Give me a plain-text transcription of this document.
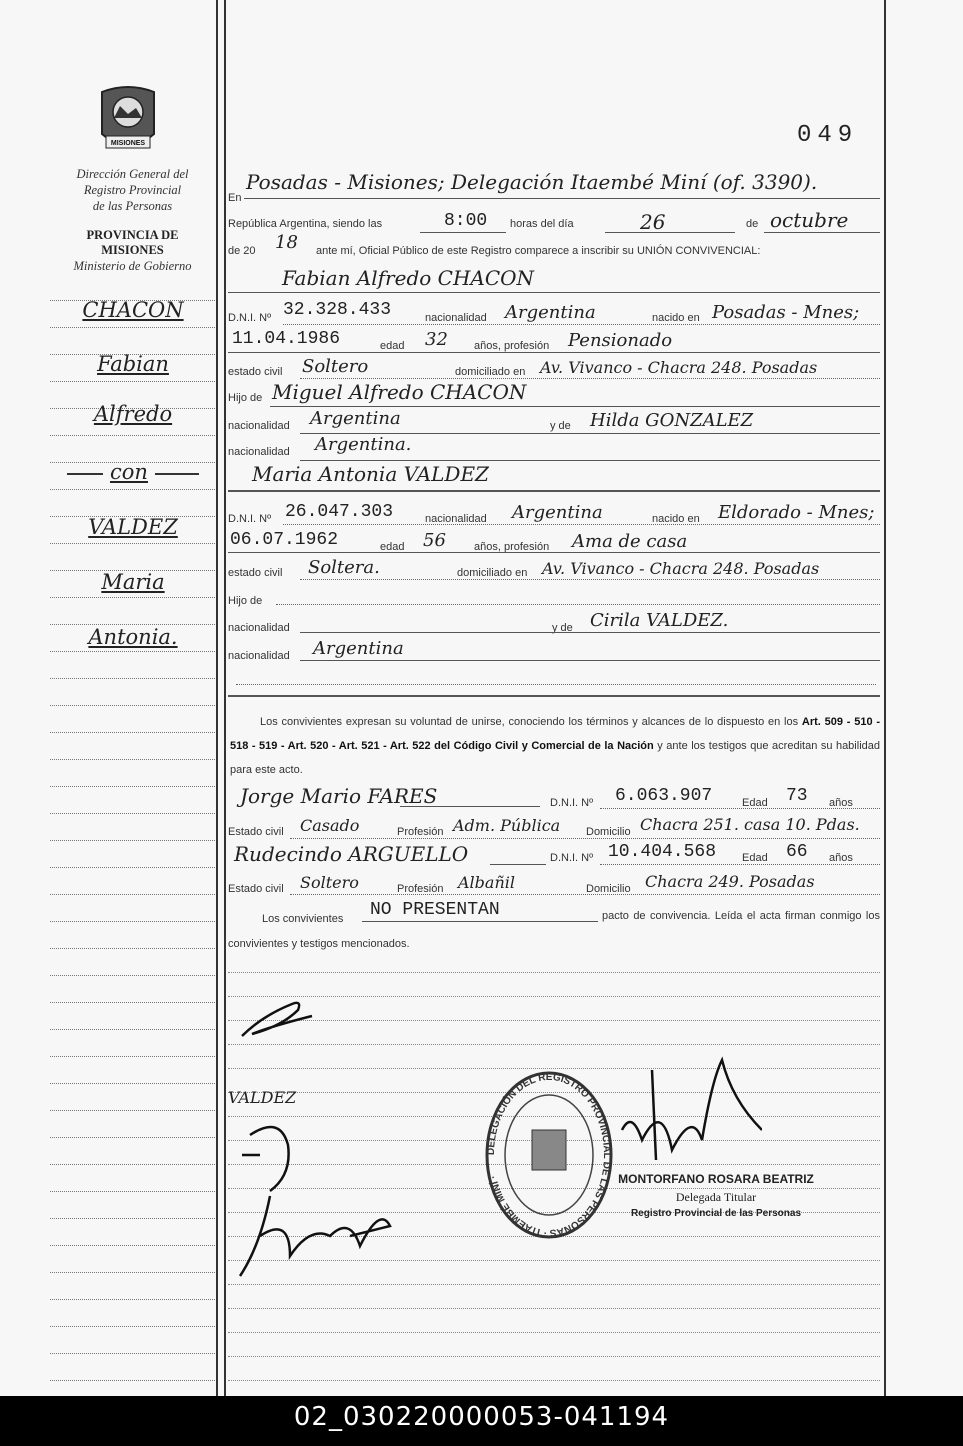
MISIONES
Dirección General del
Registro Provincial
de las Personas
PROVINCIA DE
MISIONES
Ministerio de Gobierno
049
En
Posadas - Misiones; Delegación Itaembé Miní (of. 3390).
República Argentina, siendo las	8:00 horas del día	26	de octubre
de 20 18 ante mí, Oficial Público de este Registro comparece a inscribir su UNIÓN CONVIVENCIAL:
Fabian Alfredo CHACON
D.N.I. Nº 32.328.433	nacionalidad Argentina	nacido en Posadas - Mnes;
11.04.1986	edad 32 años, profesión Pensionado
estado civil Soltero	domiciliado en Av. Vivanco - Chacra 248. Posadas
Hijo de Miguel Alfredo CHACON
nacionalidad Argentina	y de Hilda GONZALEZ
nacionalidad Argentina.
Maria Antonia VALDEZ
D.N.I. Nº 26.047.303	nacionalidad Argentina	nacido en Eldorado - Mnes;
06.07.1962	edad 56	años, profesión Ama de casa
estado civil Soltera.	domiciliado en Av. Vivanco - Chacra 248. Posadas
Hijo de
nacionalidad	y de Cirila VALDEZ.
nacionalidad Argentina
Los convivientes expresan su voluntad de unirse, conociendo los términos y alcances de lo dispuesto en los Art. 509 - 510 - 518 - 519 - Art. 520 - Art. 521 - Art. 522 del Código Civil y Comercial de la Nación y ante los testigos que acreditan su habilidad para este acto.
Jorge Mario FARES	D.N.I. Nº 6.063.907	Edad 73 años
Estado civil Casado	Profesión Adm. Pública Domicilio Chacra 251. casa 10. Pdas.
Rudecindo ARGUELLO	D.N.I. Nº 10.404.568 Edad 66 años
Estado civil Soltero	Profesión Albañil	Domicilio Chacra 249. Posadas
Los convivientes NO PRESENTAN	pacto de convivencia. Leída el acta firman conmigo los convivientes y testigos mencionados.
VALDEZ
DELEGACIÓN DEL REGISTRO PROVINCIAL DE LAS PERSONAS · ITAEMBÉ MINÍ ·	MONTORFANO ROSARA BEATRIZ
Delegada Titular
Registro Provincial de las Personas
CHACON
Fabian
Alfredo
con
VALDEZ
Maria
Antonia.
02_030220000053-041194
